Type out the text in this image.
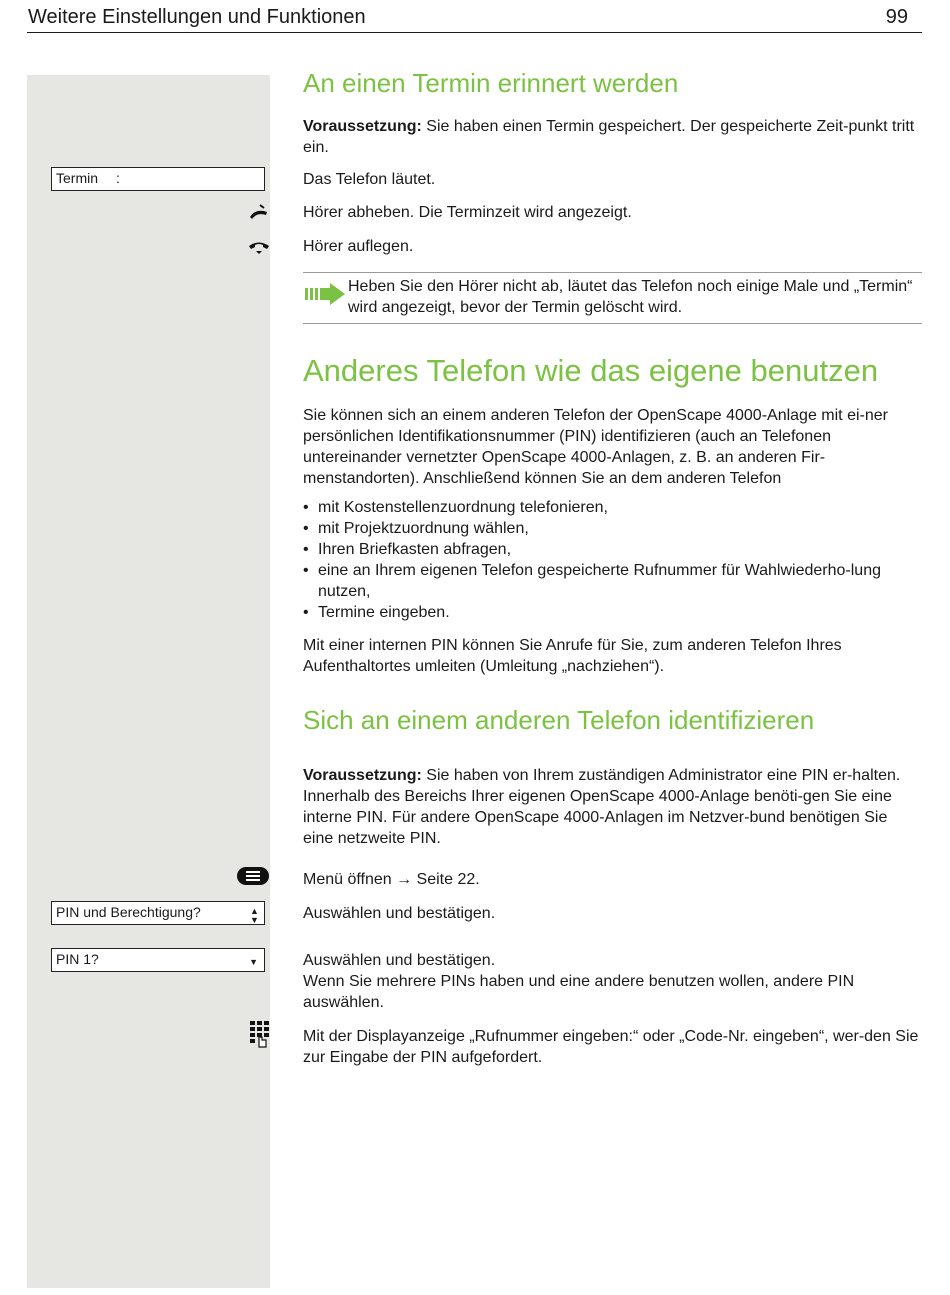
Weitere Einstellungen und Funktionen	99
Termin :
PIN und Berechtigung?	▲
▼
PIN 1?	▼
An einen Termin erinnert werden

Voraussetzung: Sie haben einen Termin gespeichert. Der gespeicherte Zeit-punkt tritt ein.

Das Telefon läutet.
Hörer abheben. Die Terminzeit wird angezeigt.
Hörer auflegen.
Heben Sie den Hörer nicht ab, läutet das Telefon noch einige Male und „Termin“ wird angezeigt, bevor der Termin gelöscht wird.
Anderes Telefon wie das eigene benutzen
Sie können sich an einem anderen Telefon der OpenScape 4000-Anlage mit ei-ner persönlichen Identifikationsnummer (PIN) identifizieren (auch an Telefonen untereinander vernetzter OpenScape 4000-Anlagen, z. B. an anderen Fir-menstandorten). Anschließend können Sie an dem anderen Telefon
• mit Kostenstellenzuordnung telefonieren,
• mit Projektzuordnung wählen,
• Ihren Briefkasten abfragen,
• eine an Ihrem eigenen Telefon gespeicherte Rufnummer für Wahlwiederho-lung nutzen,
• Termine eingeben.
Mit einer internen PIN können Sie Anrufe für Sie, zum anderen Telefon Ihres Aufenthaltortes umleiten (Umleitung „nachziehen“).
Sich an einem anderen Telefon identifizieren

Voraussetzung: Sie haben von Ihrem zuständigen Administrator eine PIN er-halten. Innerhalb des Bereichs Ihrer eigenen OpenScape 4000-Anlage benöti-gen Sie eine interne PIN. Für andere OpenScape 4000-Anlagen im Netzver-bund benötigen Sie eine netzweite PIN.

Menü öffnen → Seite 22.
Auswählen und bestätigen.
Auswählen und bestätigen.
Wenn Sie mehrere PINs haben und eine andere benutzen wollen, andere PIN auswählen.
Mit der Displayanzeige „Rufnummer eingeben:“ oder „Code-Nr. eingeben“, wer-den Sie zur Eingabe der PIN aufgefordert.
